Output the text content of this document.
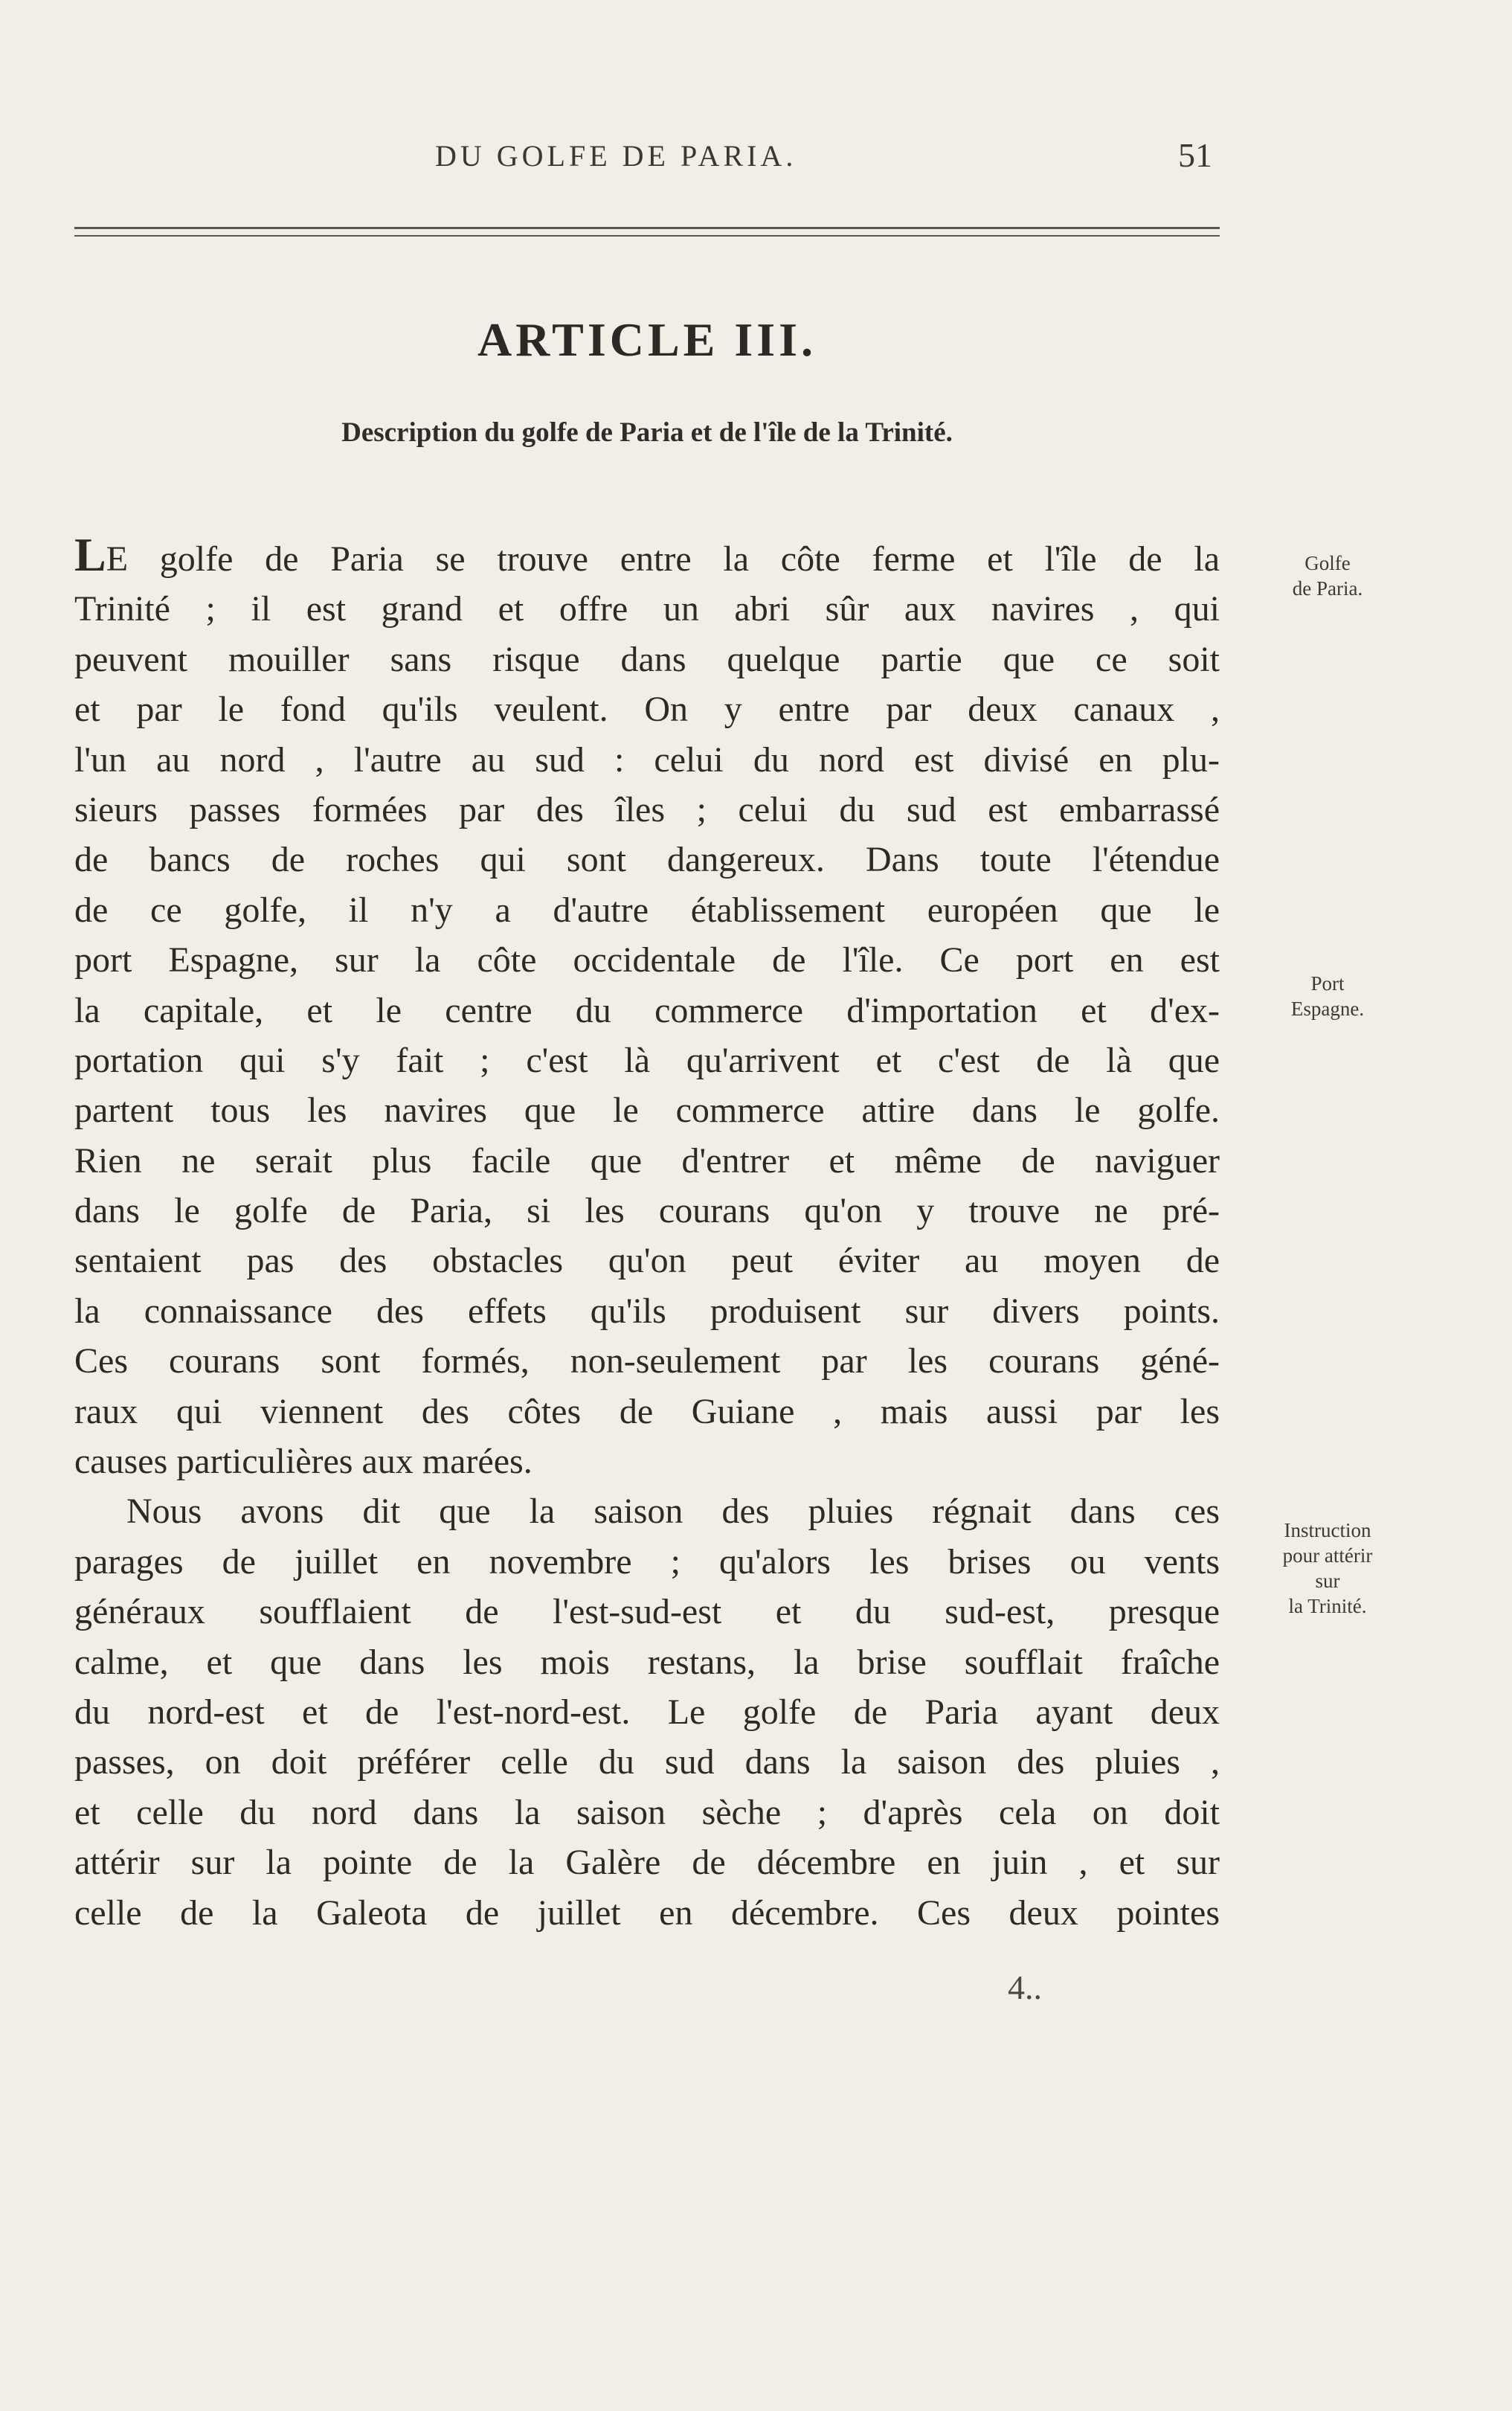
DU GOLFE DE PARIA.	51
ARTICLE III.
Description du golfe de Paria et de l'île de la Trinité.
LE golfe de Paria se trouve entre la côte ferme et l'île de la
Trinité ; il est grand et offre un abri sûr aux navires , qui
peuvent mouiller sans risque dans quelque partie que ce soit
et par le fond qu'ils veulent. On y entre par deux canaux ,
l'un au nord , l'autre au sud : celui du nord est divisé en plu-
sieurs passes formées par des îles ; celui du sud est embarrassé
de bancs de roches qui sont dangereux. Dans toute l'étendue
de ce golfe, il n'y a d'autre établissement européen que le
port Espagne, sur la côte occidentale de l'île. Ce port en est
la capitale, et le centre du commerce d'importation et d'ex-
portation qui s'y fait ; c'est là qu'arrivent et c'est de là que
partent tous les navires que le commerce attire dans le golfe.
Rien ne serait plus facile que d'entrer et même de naviguer
dans le golfe de Paria, si les courans qu'on y trouve ne pré-
sentaient pas des obstacles qu'on peut éviter au moyen de
la connaissance des effets qu'ils produisent sur divers points.
Ces courans sont formés, non-seulement par les courans géné-
raux qui viennent des côtes de Guiane , mais aussi par les
causes particulières aux marées.
Nous avons dit que la saison des pluies régnait dans ces
parages de juillet en novembre ; qu'alors les brises ou vents
généraux soufflaient de l'est-sud-est et du sud-est, presque
calme, et que dans les mois restans, la brise soufflait fraîche
du nord-est et de l'est-nord-est. Le golfe de Paria ayant deux
passes, on doit préférer celle du sud dans la saison des pluies ,
et celle du nord dans la saison sèche ; d'après cela on doit
attérir sur la pointe de la Galère de décembre en juin , et sur
celle de la Galeota de juillet en décembre. Ces deux pointes
Golfe
de Paria.
Port
Espagne.
Instruction
pour attérir
sur
la Trinité.
4..
